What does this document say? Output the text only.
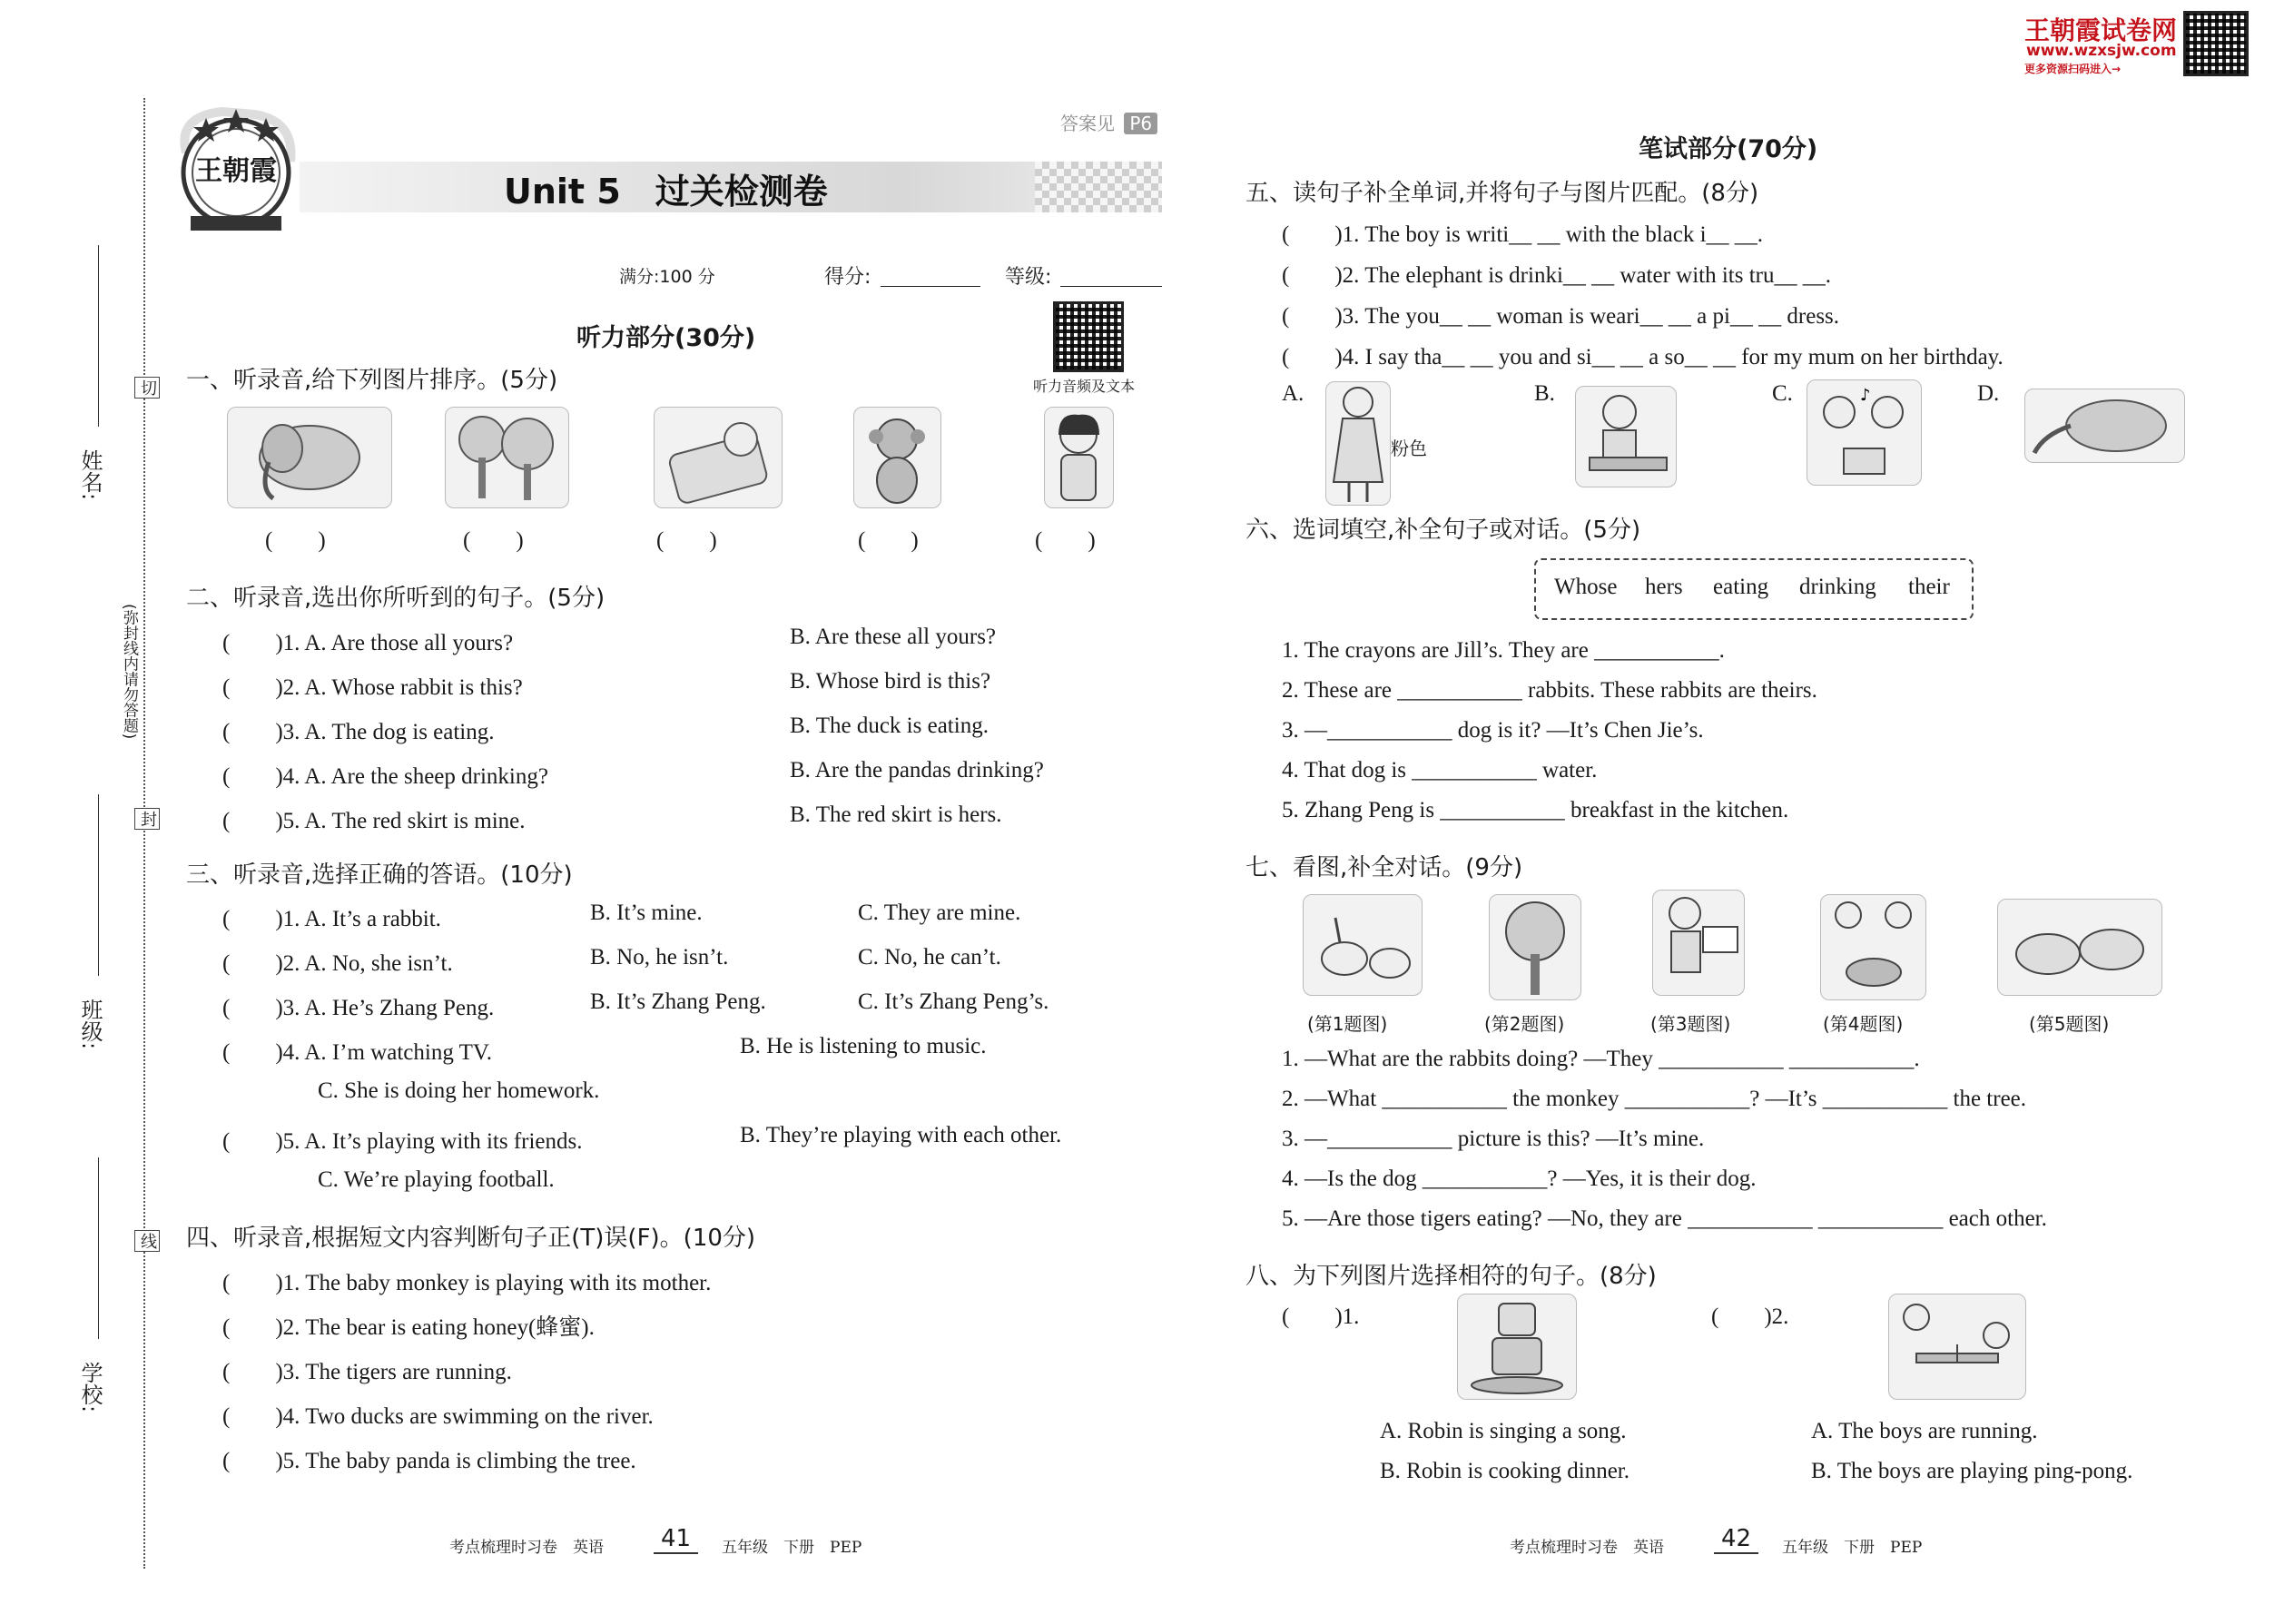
姓名:
切
(弥封线内请勿答题)
封
班级:
线
学校:
王朝霞
Unit 5　过关检测卷
答案见 P6
满分:100 分	得分:	等级:
听力音频及文本
听力部分(30分)
一、听录音,给下列图片排序。(5分)
(　　)	(　　)	(　　)	(　　)	(　　)
二、听录音,选出你所听到的句子。(5分)
(　　)1. A. Are those all yours?	B. Are these all yours?
(　　)2. A. Whose rabbit is this?	B. Whose bird is this?
(　　)3. A. The dog is eating.	B. The duck is eating.
(　　)4. A. Are the sheep drinking?	B. Are the pandas drinking?
(　　)5. A. The red skirt is mine.	B. The red skirt is hers.
三、听录音,选择正确的答语。(10分)
(　　)1. A. It’s a rabbit.	B. It’s mine.	C. They are mine.
(　　)2. A. No, she isn’t.	B. No, he isn’t.	C. No, he can’t.
(　　)3. A. He’s Zhang Peng.	B. It’s Zhang Peng.	C. It’s Zhang Peng’s.
(　　)4. A. I’m watching TV.	B. He is listening to music.
C. She is doing her homework.
(　　)5. A. It’s playing with its friends.	B. They’re playing with each other.
C. We’re playing football.
四、听录音,根据短文内容判断句子正(T)误(F)。(10分)
(　　)1. The baby monkey is playing with its mother.
(　　)2. The bear is eating honey(蜂蜜).
(　　)3. The tigers are running.
(　　)4. Two ducks are swimming on the river.
(　　)5. The baby panda is climbing the tree.
考点梳理时习卷　英语	41	五年级　下册　PEP
王朝霞试卷网
www.wzxsjw.com
更多资源扫码进入→
笔试部分(70分)
五、读句子补全单词,并将句子与图片匹配。(8分)
(　　)1. The boy is writi__ __ with the black i__ __.
(　　)2. The elephant is drinki__ __ water with its tru__ __.
(　　)3. The you__ __ woman is weari__ __ a pi__ __ dress.
(　　)4. I say tha__ __ you and si__ __ a so__ __ for my mum on her birthday.
A.
粉色
B.	C.	♪	D.
六、选词填空,补全句子或对话。(5分)
Whose hers eating drinking their
1. The crayons are Jill’s. They are ___________.
2. These are ___________ rabbits. These rabbits are theirs.
3. —___________ dog is it? —It’s Chen Jie’s.
4. That dog is ___________ water.
5. Zhang Peng is ___________ breakfast in the kitchen.
七、看图,补全对话。(9分)
(第1题图)	(第2题图)	(第3题图)	(第4题图)	(第5题图)
1. —What are the rabbits doing? —They ___________ ___________.
2. —What ___________ the monkey ___________? —It’s ___________ the tree.
3. —___________ picture is this? —It’s mine.
4. —Is the dog ___________? —Yes, it is their dog.
5. —Are those tigers eating? —No, they are ___________ ___________ each other.
八、为下列图片选择相符的句子。(8分)
(　　)1.	(　　)2.
A. Robin is singing a song.
B. Robin is cooking dinner.
A. The boys are running.
B. The boys are playing ping-pong.
考点梳理时习卷　英语	42	五年级　下册　PEP
